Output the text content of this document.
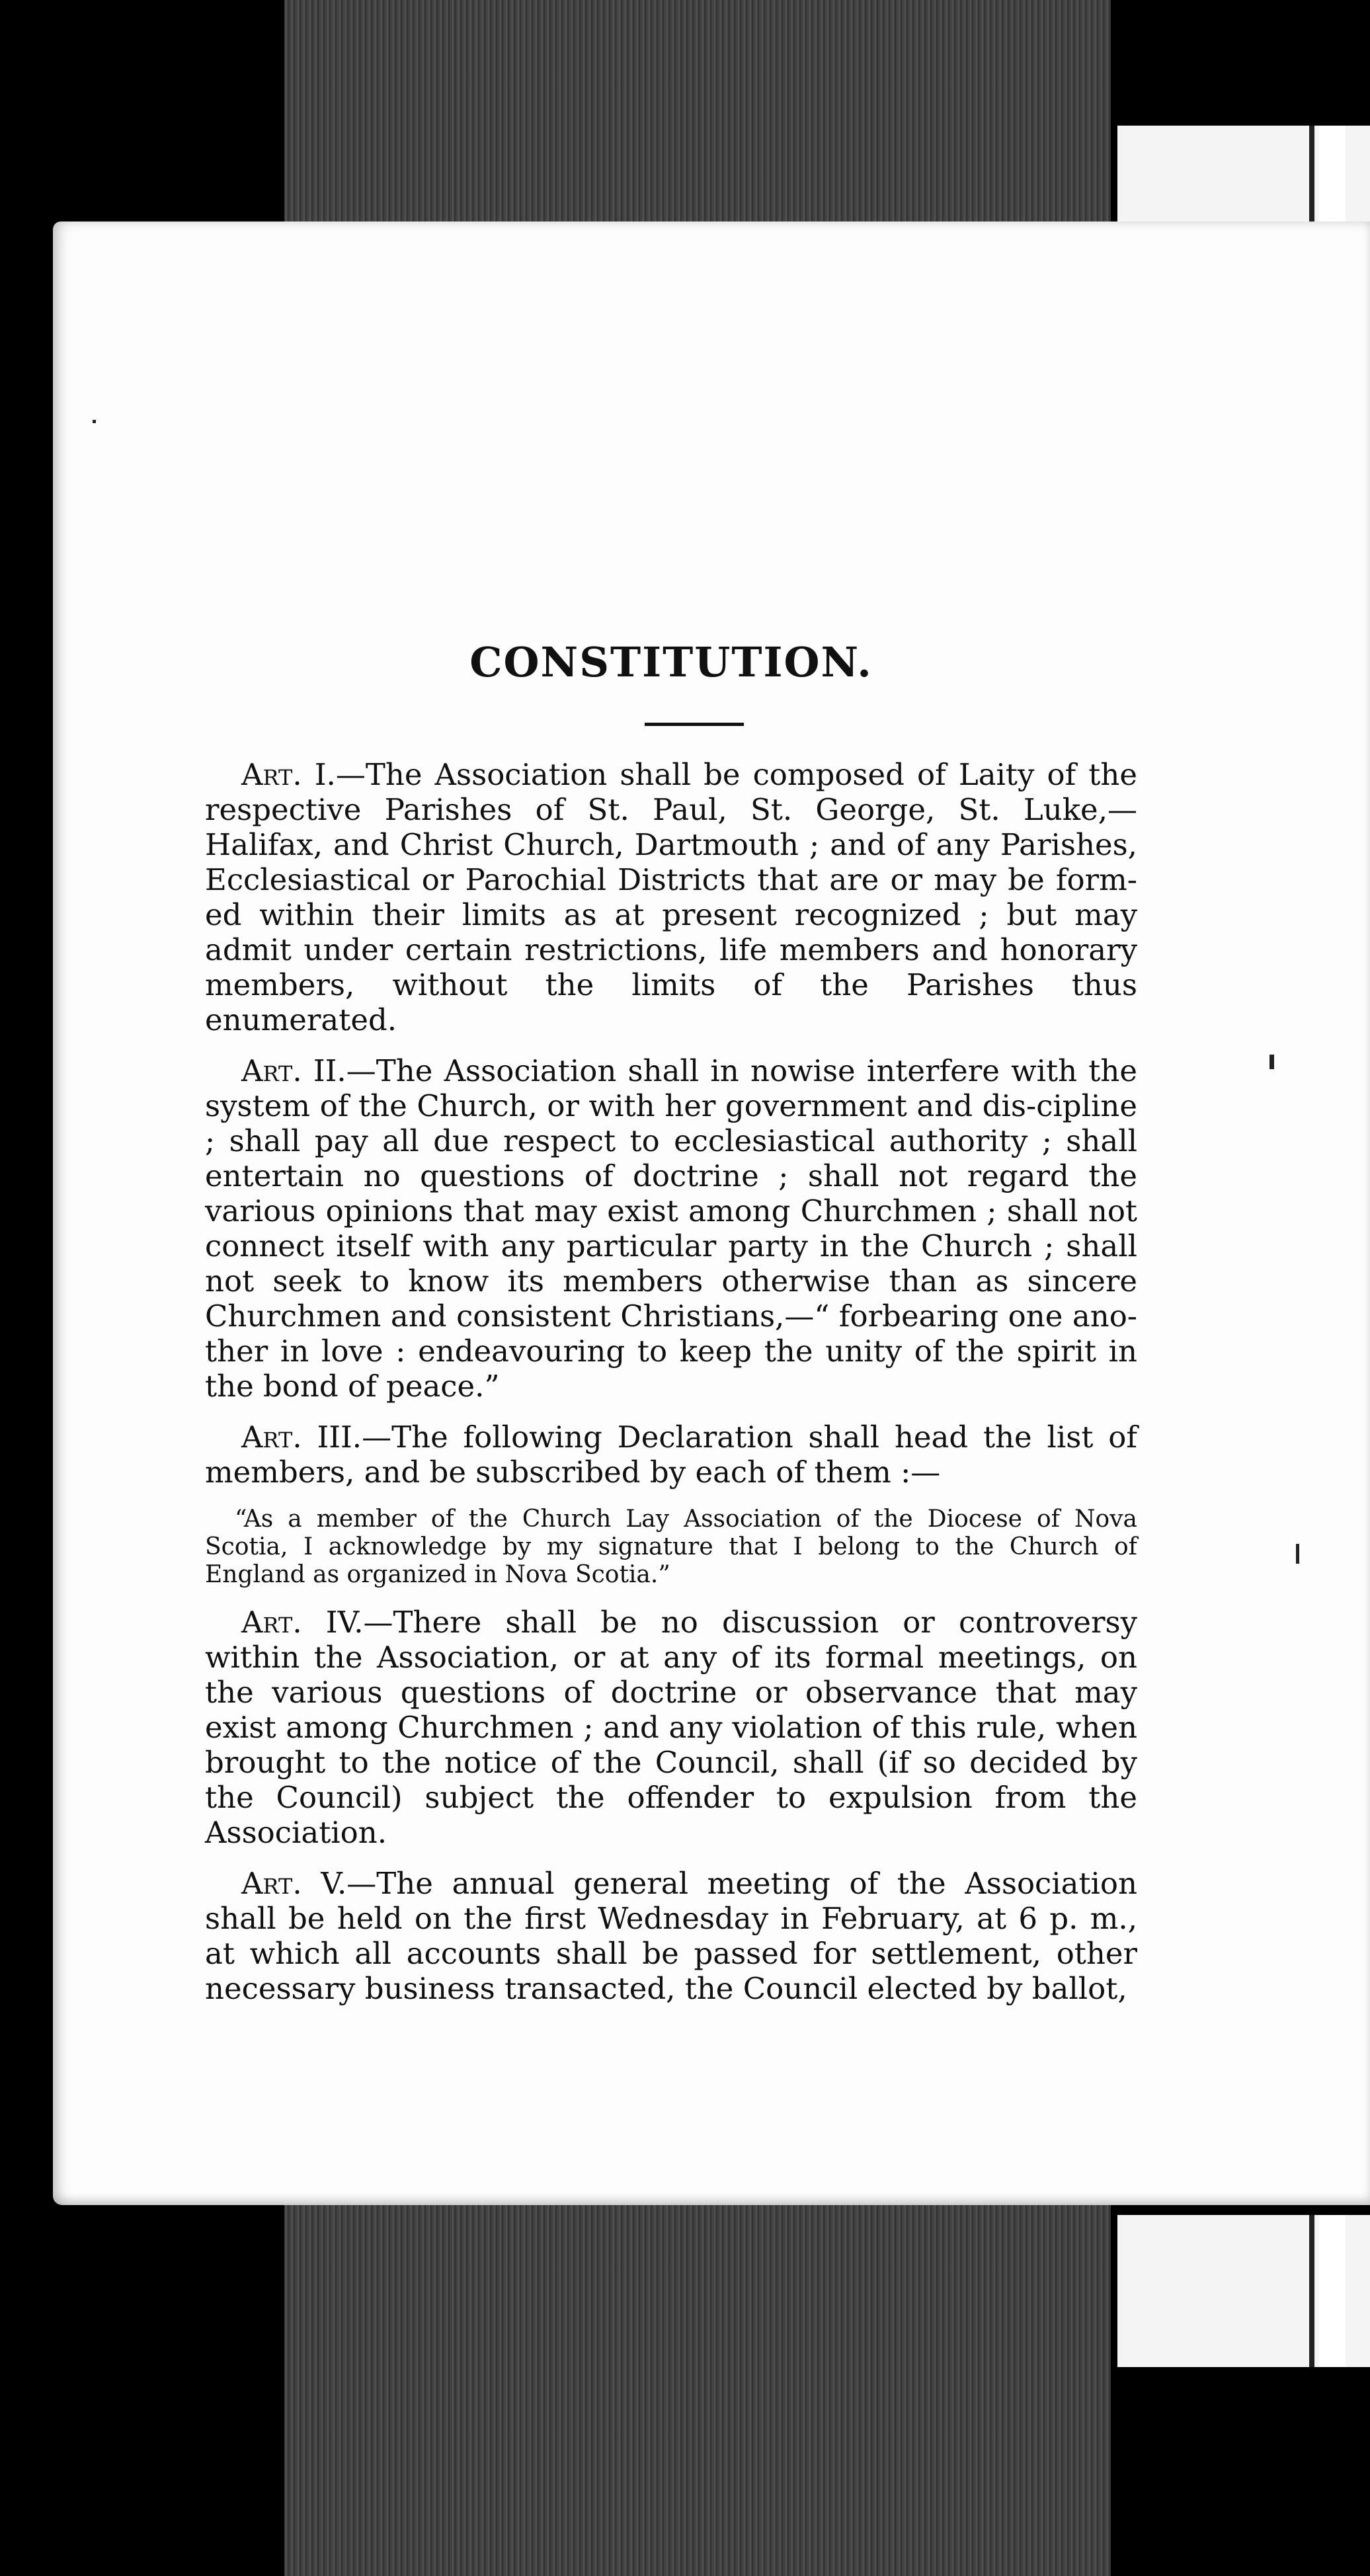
CONSTITUTION.

Art. I.—The Association shall be composed of Laity of the respective Parishes of St. Paul, St. George, St. Luke,— Halifax, and Christ Church, Dartmouth ; and of any Parishes, Ecclesiastical or Parochial Districts that are or may be form-ed within their limits as at present recognized ; but may admit under certain restrictions, life members and honorary members, without the limits of the Parishes thus enumerated.

Art. II.—The Association shall in nowise interfere with the system of the Church, or with her government and dis-cipline ; shall pay all due respect to ecclesiastical authority ; shall entertain no questions of doctrine ; shall not regard the various opinions that may exist among Churchmen ; shall not connect itself with any particular party in the Church ; shall not seek to know its members otherwise than as sincere Churchmen and consistent Christians,—“ forbearing one ano-ther in love : endeavouring to keep the unity of the spirit in the bond of peace.”

Art. III.—The following Declaration shall head the list of members, and be subscribed by each of them :—

“As a member of the Church Lay Association of the Diocese of Nova Scotia, I acknowledge by my signature that I belong to the Church of England as organized in Nova Scotia.”

Art. IV.—There shall be no discussion or controversy within the Association, or at any of its formal meetings, on the various questions of doctrine or observance that may exist among Churchmen ; and any violation of this rule, when brought to the notice of the Council, shall (if so decided by the Council) subject the offender to expulsion from the Association.

Art. V.—The annual general meeting of the Association shall be held on the first Wednesday in February, at 6 p. m., at which all accounts shall be passed for settlement, other necessary business transacted, the Council elected by ballot,
